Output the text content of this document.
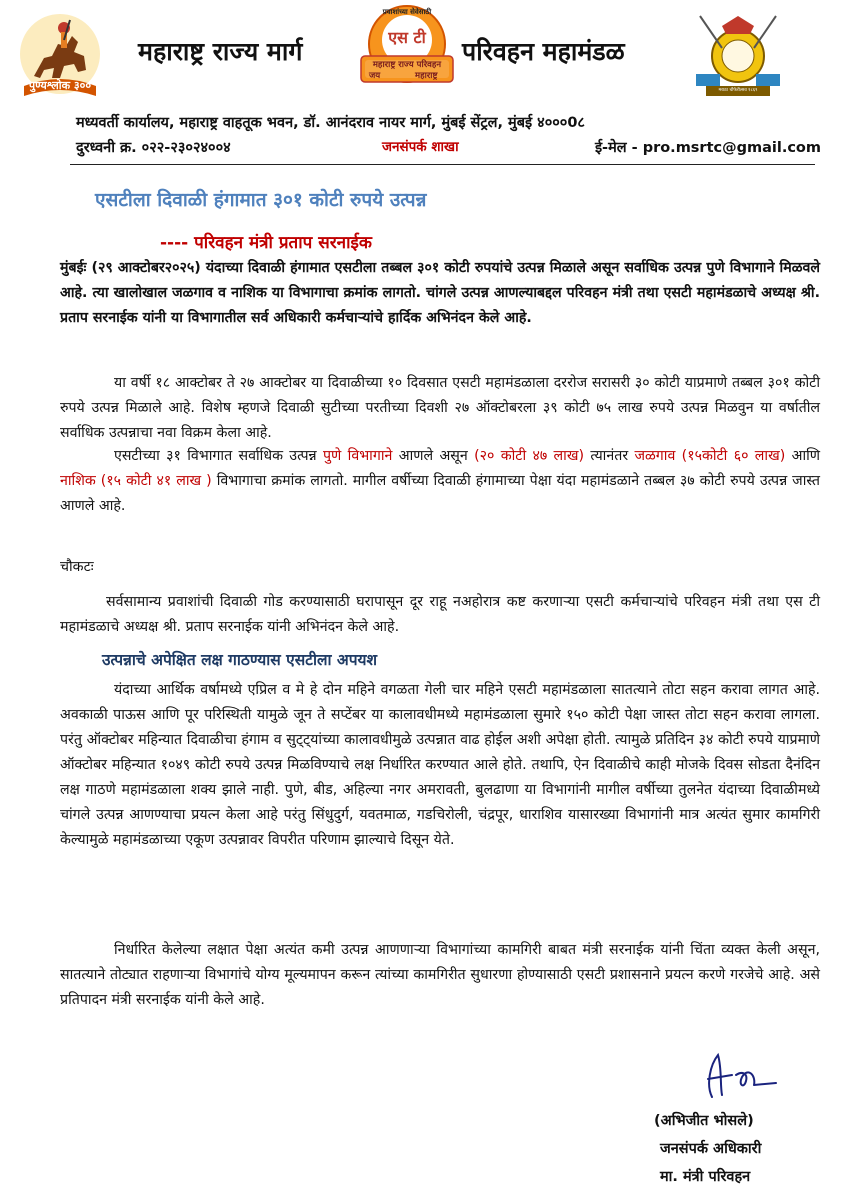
पुण्यश्लोक ३००
महाराष्ट्र राज्य मार्ग
प्रवाशांच्या सेवेसाठी
एस टी
महाराष्ट्र राज्य परिवहन
जय	महाराष्ट्र
परिवहन महामंडळ
मराठा चौफेरीत्सव १८६९
मध्यवर्ती कार्यालय, महाराष्ट्र वाहतूक भवन, डॉ. आनंदराव नायर मार्ग, मुंबई सेंट्रल, मुंबई ४०००0८
दुरध्वनी क्र. ०२२-२३०२४००४	जनसंपर्क शाखा	ई-मेल - pro.msrtc@gmail.com
एसटीला दिवाळी हंगामात ३०१ कोटी रुपये उत्पन्न
---- परिवहन मंत्री प्रताप सरनाईक
मुंबईः (२९ आक्टोबर२०२५) यंदाच्या दिवाळी हंगामात एसटीला तब्बल ३०१ कोटी रुपयांचे उत्पन्न मिळाले असून सर्वाधिक उत्पन्न पुणे विभागाने मिळवले आहे. त्या खालोखाल जळगाव व नाशिक या विभागाचा क्रमांक लागतो. चांगले उत्पन्न आणल्याबद्दल परिवहन मंत्री तथा एसटी महामंडळाचे अध्यक्ष श्री. प्रताप सरनाईक यांनी या विभागातील सर्व अधिकारी कर्मचाऱ्यांचे हार्दिक अभिनंदन केले आहे.
या वर्षी १८ आक्टोबर ते २७ आक्टोबर या दिवाळीच्या १० दिवसात एसटी महामंडळाला दररोज सरासरी ३० कोटी याप्रमाणे तब्बल ३०१ कोटी रुपये उत्पन्न मिळाले आहे. विशेष म्हणजे दिवाळी सुटीच्या परतीच्या दिवशी २७ ऑक्टोबरला ३९ कोटी ७५ लाख रुपये उत्पन्न मिळवुन या वर्षातील सर्वाधिक उत्पन्नाचा नवा विक्रम केला आहे.
एसटीच्या ३१ विभागात सर्वाधिक उत्पन्न पुणे विभागाने आणले असून (२० कोटी ४७ लाख) त्यानंतर जळगाव (१५कोटी ६० लाख) आणि नाशिक (१५ कोटी ४१ लाख ) विभागाचा क्रमांक लागतो. मागील वर्षीच्या दिवाळी हंगामाच्या पेक्षा यंदा महामंडळाने तब्बल ३७ कोटी रुपये उत्पन्न जास्त आणले आहे.
चौकटः
सर्वसामान्य प्रवाशांची दिवाळी गोड करण्यासाठी घरापासून दूर राहू नअहोरात्र कष्ट करणाऱ्या एसटी कर्मचाऱ्यांचे परिवहन मंत्री तथा एस टी महामंडळाचे अध्यक्ष श्री. प्रताप सरनाईक यांनी अभिनंदन केले आहे.
उत्पन्नाचे अपेक्षित लक्ष गाठण्यास एसटीला अपयश
यंदाच्या आर्थिक वर्षामध्ये एप्रिल व मे हे दोन महिने वगळता गेली चार महिने एसटी महामंडळाला सातत्याने तोटा सहन करावा लागत आहे. अवकाळी पाऊस आणि पूर परिस्थिती यामुळे जून ते सप्टेंबर या कालावधीमध्ये महामंडळाला सुमारे १५० कोटी पेक्षा जास्त तोटा सहन करावा लागला. परंतु ऑक्टोबर महिन्यात दिवाळीचा हंगाम व सुट्ट्यांच्या कालावधीमुळे उत्पन्नात वाढ होईल अशी अपेक्षा होती. त्यामुळे प्रतिदिन ३४ कोटी रुपये याप्रमाणे ऑक्टोबर महिन्यात १०४९ कोटी रुपये उत्पन्न मिळविण्याचे लक्ष निर्धारित करण्यात आले होते. तथापि, ऐन दिवाळीचे काही मोजके दिवस सोडता दैनंदिन लक्ष गाठणे महामंडळाला शक्य झाले नाही. पुणे, बीड, अहिल्या नगर अमरावती, बुलढाणा या विभागांनी मागील वर्षीच्या तुलनेत यंदाच्या दिवाळीमध्ये चांगले उत्पन्न आणण्याचा प्रयत्न केला आहे परंतु सिंधुदुर्ग, यवतमाळ, गडचिरोली, चंद्रपूर, धाराशिव यासारख्या विभागांनी मात्र अत्यंत सुमार कामगिरी केल्यामुळे महामंडळाच्या एकूण उत्पन्नावर विपरीत परिणाम झाल्याचे दिसून येते.
निर्धारित केलेल्या लक्षात पेक्षा अत्यंत कमी उत्पन्न आणणाऱ्या विभागांच्या कामगिरी बाबत मंत्री सरनाईक यांनी चिंता व्यक्त केली असून, सातत्याने तोट्यात राहणाऱ्या विभागांचे योग्य मूल्यमापन करून त्यांच्या कामगिरीत सुधारणा होण्यासाठी एसटी प्रशासनाने प्रयत्न करणे गरजेचे आहे. असे प्रतिपादन मंत्री सरनाईक यांनी केले आहे.
(अभिजीत भोसले)
जनसंपर्क अधिकारी
मा. मंत्री परिवहन
